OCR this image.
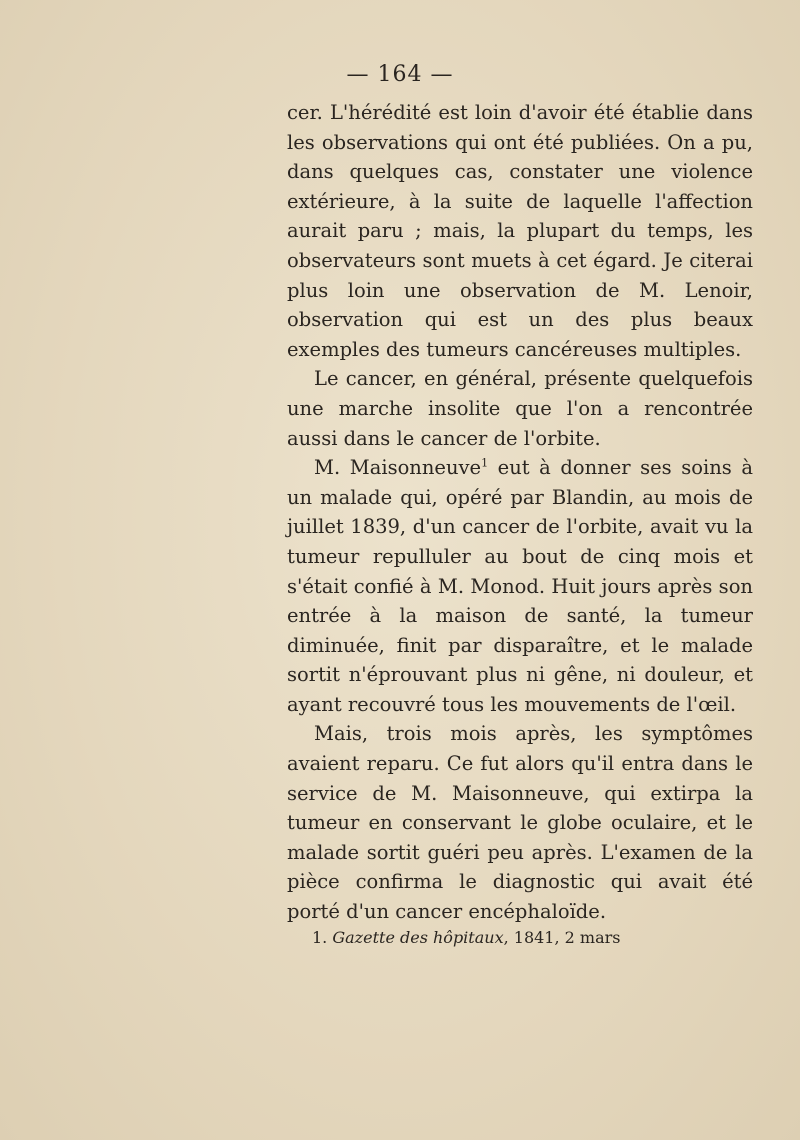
— 164 —

cer. L'hérédité est loin d'avoir été établie dans les observations qui ont été publiées. On a pu, dans quelques cas, constater une violence extérieure, à la suite de laquelle l'affection aurait paru ; mais, la plupart du temps, les observateurs sont muets à cet égard. Je citerai plus loin une observation de M. Lenoir, observation qui est un des plus beaux exemples des tumeurs cancéreuses multiples.

Le cancer, en général, présente quelquefois une marche insolite que l'on a rencontrée aussi dans le cancer de l'orbite.

M. Maisonneuve$^1$ eut à donner ses soins à un malade qui, opéré par Blandin, au mois de juillet 1839, d'un cancer de l'orbite, avait vu la tumeur repulluler au bout de cinq mois et s'était confié à M. Monod. Huit jours après son entrée à la maison de santé, la tumeur diminuée, finit par disparaître, et le malade sortit n'éprouvant plus ni gêne, ni douleur, et ayant recouvré tous les mouvements de l'œil.

Mais, trois mois après, les symptômes avaient reparu. Ce fut alors qu'il entra dans le service de M. Maisonneuve, qui extirpa la tumeur en conservant le globe oculaire, et le malade sortit guéri peu après. L'examen de la pièce confirma le diagnostic qui avait été porté d'un cancer encéphaloïde.

1. Gazette des hôpitaux, 1841, 2 mars
